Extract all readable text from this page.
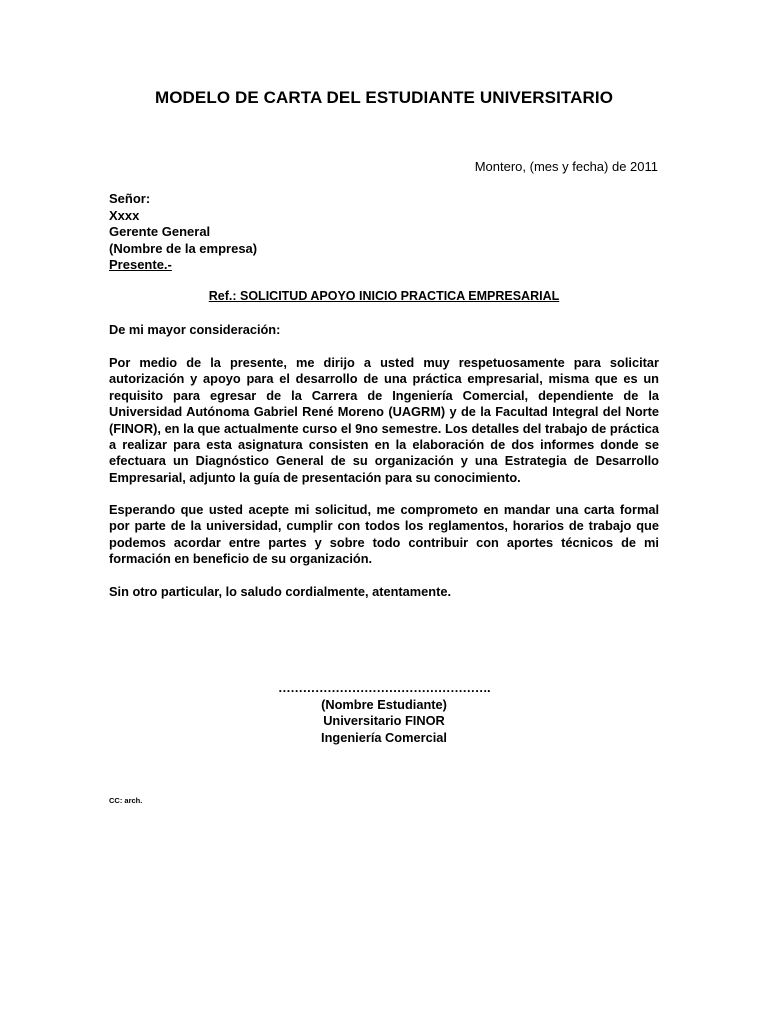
MODELO DE CARTA DEL ESTUDIANTE UNIVERSITARIO
Montero, (mes y fecha) de 2011
Señor:
Xxxx
Gerente General
(Nombre de la empresa)
Presente.-
Ref.: SOLICITUD APOYO INICIO PRACTICA EMPRESARIAL
De mi mayor consideración:
Por medio de la presente, me dirijo a usted muy respetuosamente para solicitar autorización y apoyo para el desarrollo de una práctica empresarial, misma que es un requisito para egresar de la Carrera de Ingeniería Comercial, dependiente de la Universidad Autónoma Gabriel René Moreno (UAGRM) y de la Facultad Integral del Norte (FINOR), en la que actualmente curso el 9no semestre. Los detalles del trabajo de práctica a realizar para esta asignatura consisten en la elaboración de dos informes donde se efectuara un Diagnóstico General de su organización y una Estrategia de Desarrollo Empresarial, adjunto la guía de presentación para su conocimiento.
Esperando que usted acepte mi solicitud, me comprometo en mandar una carta formal por parte de la universidad, cumplir con todos los reglamentos, horarios de trabajo que podemos acordar entre partes y sobre todo contribuir con aportes técnicos de mi formación en beneficio de su organización.
Sin otro particular, lo saludo cordialmente, atentamente.
…………………………………………….
(Nombre Estudiante)
Universitario FINOR
Ingeniería Comercial
CC: arch.
